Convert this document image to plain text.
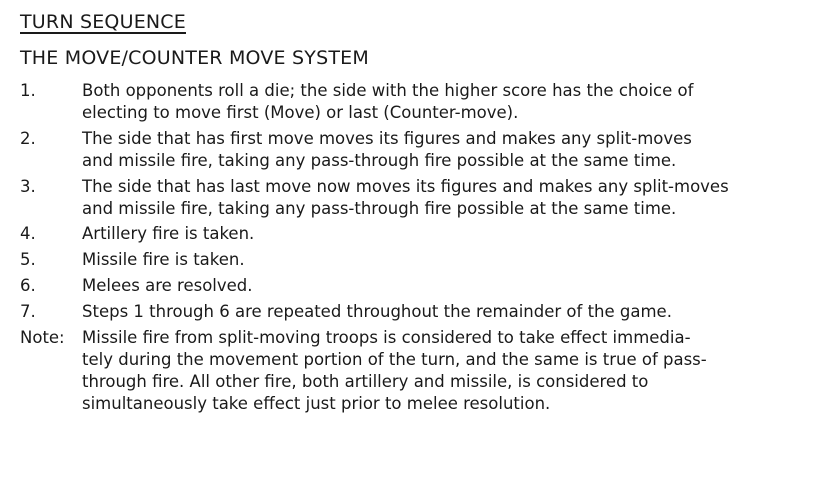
TURN SEQUENCE
THE MOVE/COUNTER MOVE SYSTEM
1.	Both opponents roll a die; the side with the higher score has the choice of
electing to move first (Move) or last (Counter-move).
2.	The side that has first move moves its figures and makes any split-moves
and missile fire, taking any pass-through fire possible at the same time.
3.	The side that has last move now moves its figures and makes any split-moves
and missile fire, taking any pass-through fire possible at the same time.
4.	Artillery fire is taken.
5.	Missile fire is taken.
6.	Melees are resolved.
7.	Steps 1 through 6 are repeated throughout the remainder of the game.
Note:	Missile fire from split-moving troops is considered to take effect immedia-
tely during the movement portion of the turn, and the same is true of pass-
through fire. All other fire, both artillery and missile, is considered to
simultaneously take effect just prior to melee resolution.
